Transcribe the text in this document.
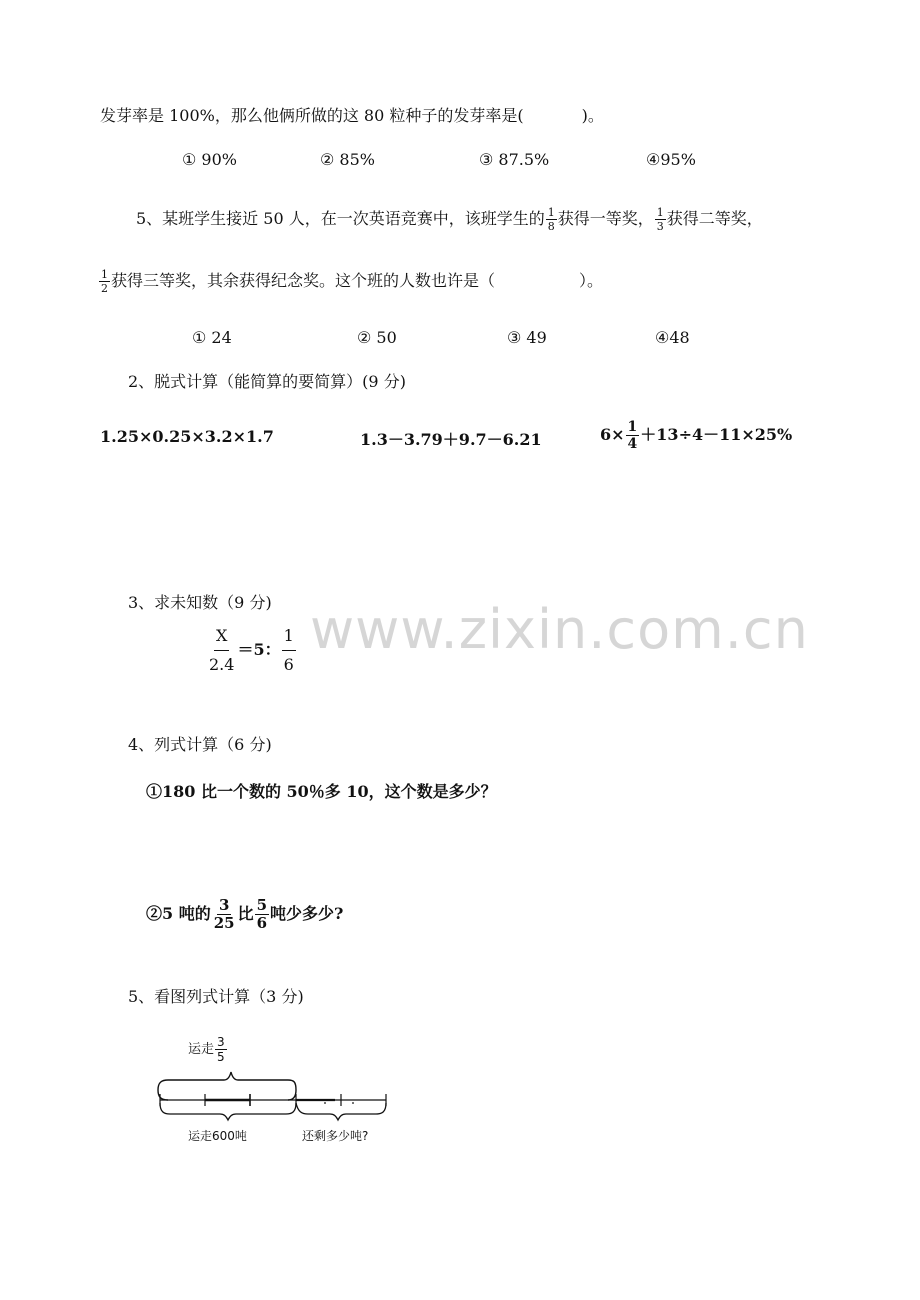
发芽率是 100%，那么他俩所做的这 80 粒种子的发芽率是(	)。
① 90%	② 85%	③ 87.5%	④95%
5、某班学生接近 50 人，在一次英语竞赛中，该班学生的 $\frac{1}{8}$ 获得一等奖， $\frac{1}{3}$ 获得二等奖，
$\frac{1}{2}$ 获得三等奖，其余获得纪念奖。这个班的人数也许是（	）。
① 24	② 50	③ 49	④48
2、脱式计算（能简算的要简算）(9 分)
1.25×0.25×3.2×1.7	1.3－3.79＋9.7－6.21	$6\times \frac{1}{4} +13\div 4-11\times 25\%$
www.zixin.com.cn
3、求未知数（9 分)
$\frac{X}{2.4} =5$： $\frac{1}{6}$
4、列式计算（6 分)
①180 比一个数的 50％多 10，这个数是多少？
②5 吨的 $\frac{3}{25}$ 比 $\frac{5}{6}$ 吨少多少?
5、看图列式计算（3 分)
运走 $\frac{3}{5}$
运走600吨	还剩多少吨?
